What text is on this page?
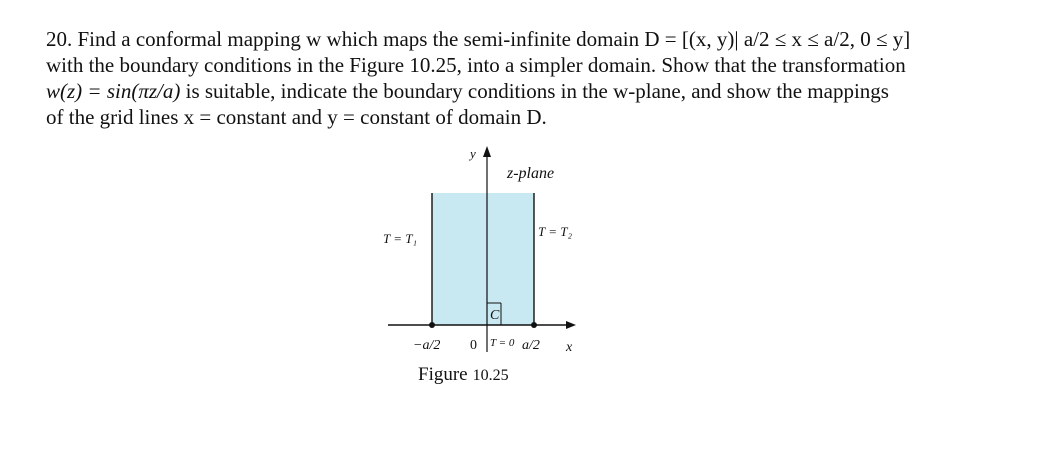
20. Find a conformal mapping w which maps the semi-infinite domain D = [(x, y)| a/2 ≤ x ≤ a/2, 0 ≤ y]

with the boundary conditions in the Figure 10.25, into a simpler domain. Show that the transformation

w(z) = sin(πz/a) is suitable, indicate the boundary conditions in the w-plane, and show the mappings

of the grid lines x = constant and y = constant of domain D.

y
z-plane
T = T₁	T = T₂
C
−a/2 0 T = 0 a/2 x
Figure 10.25
